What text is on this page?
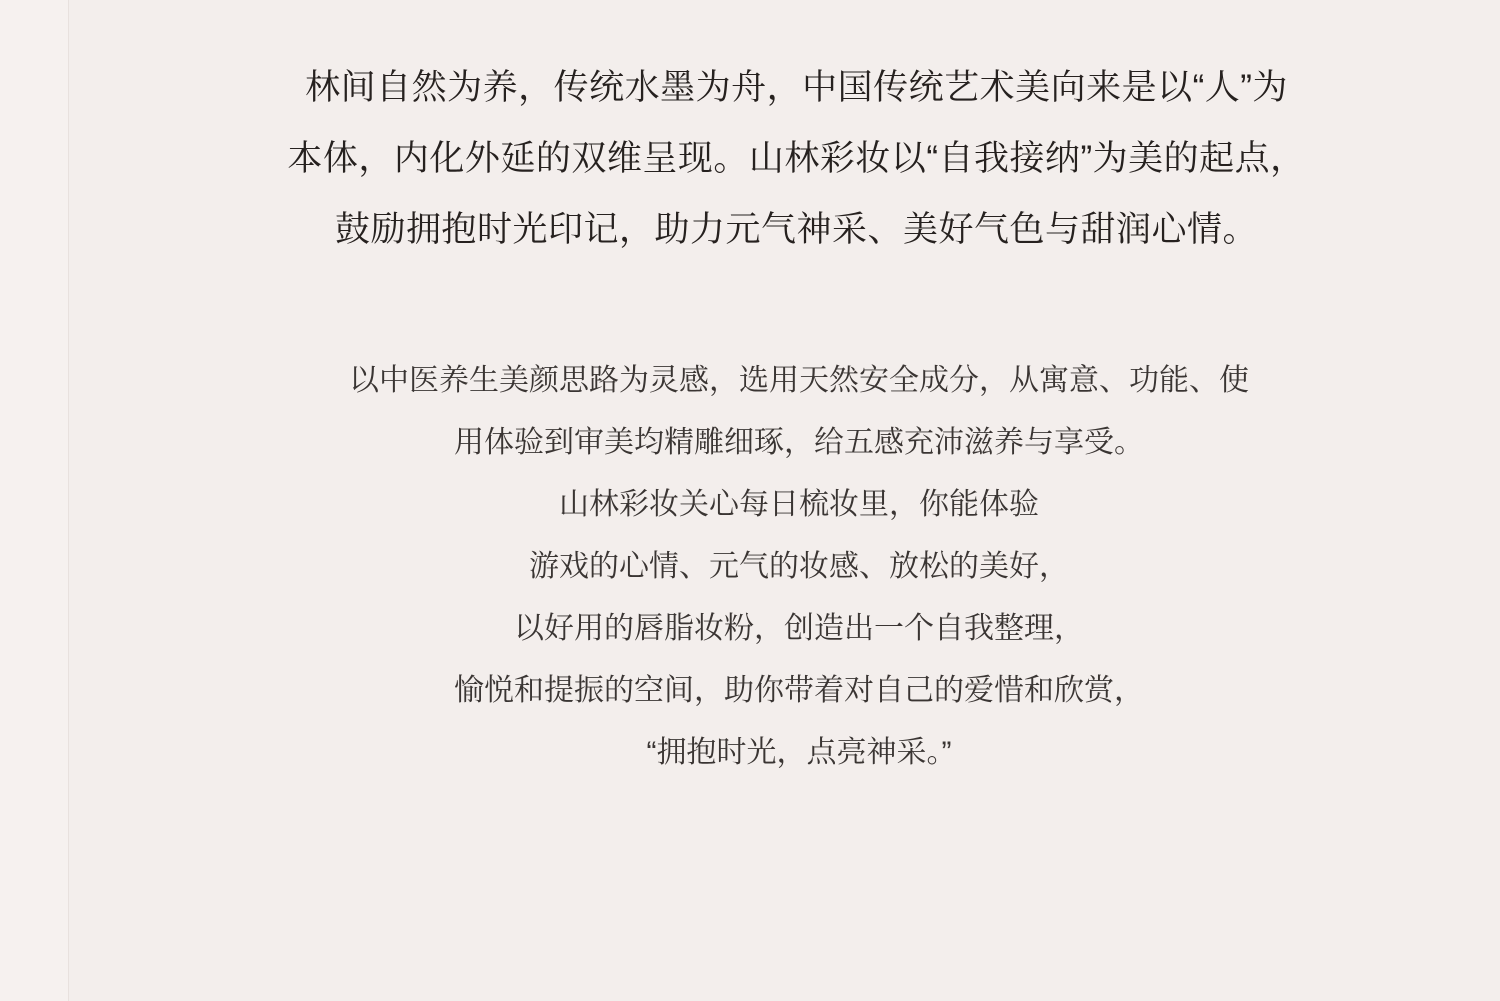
林间自然为养，传统水墨为舟，中国传统艺术美向来是以“人”为
本体，内化外延的双维呈现。山林彩妆以“自我接纳”为美的起点，
鼓励拥抱时光印记，助力元气神采、美好气色与甜润心情。
以中医养生美颜思路为灵感，选用天然安全成分，从寓意、功能、使
用体验到审美均精雕细琢，给五感充沛滋养与享受。
山林彩妆关心每日梳妆里，你能体验
游戏的心情、元气的妆感、放松的美好，
以好用的唇脂妆粉，创造出一个自我整理，
愉悦和提振的空间，助你带着对自己的爱惜和欣赏，
“拥抱时光，点亮神采。”
